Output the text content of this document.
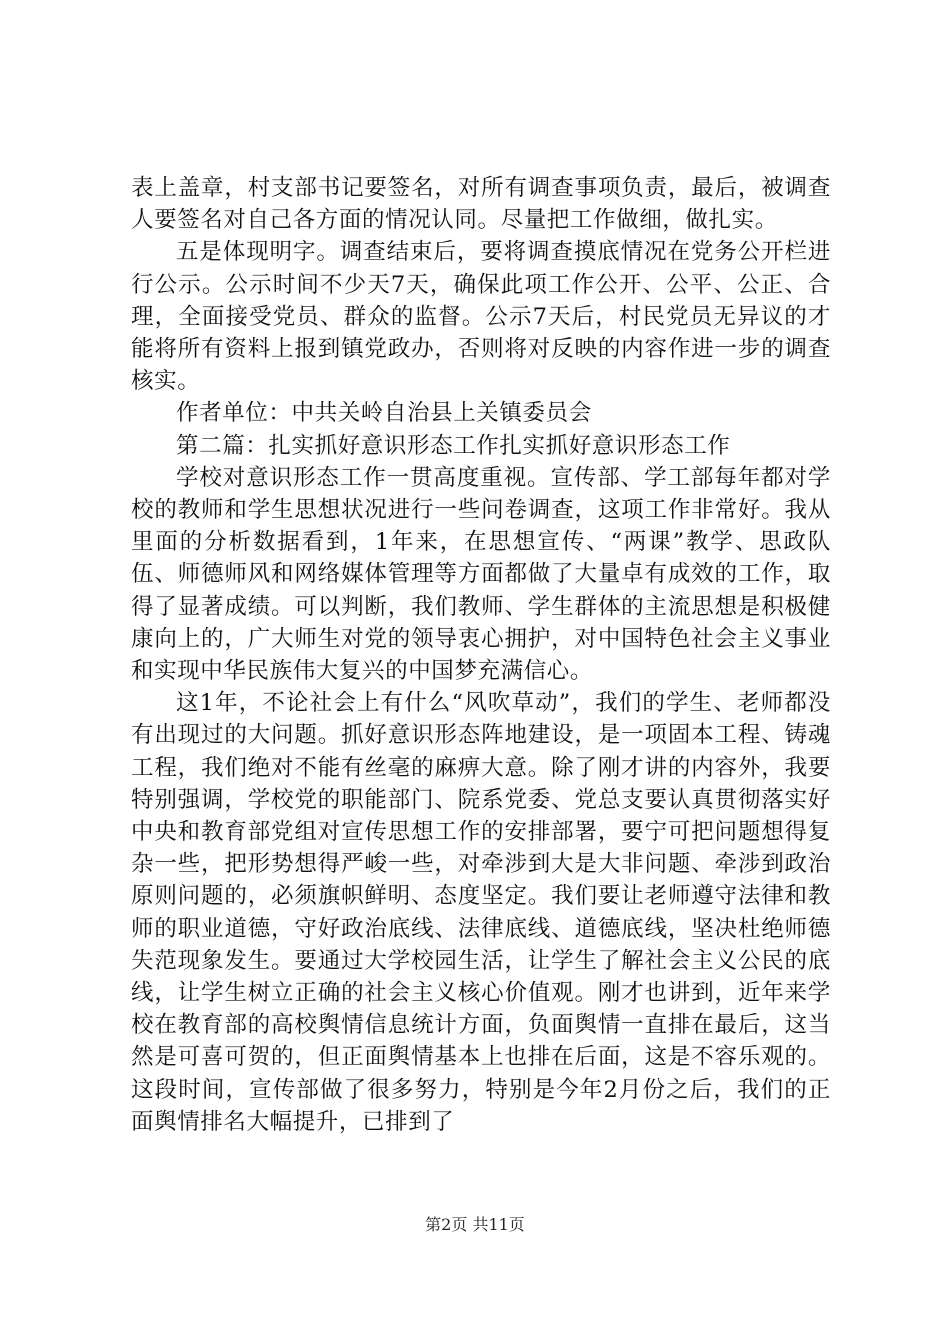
表上盖章，村支部书记要签名，对所有调查事项负责，最后，被调查人要签名对自己各方面的情况认同。尽量把工作做细，做扎实。

五是体现明字。调查结束后，要将调查摸底情况在党务公开栏进行公示。公示时间不少天7天，确保此项工作公开、公平、公正、合理，全面接受党员、群众的监督。公示7天后，村民党员无异议的才能将所有资料上报到镇党政办，否则将对反映的内容作进一步的调查核实。

作者单位：中共关岭自治县上关镇委员会

第二篇：扎实抓好意识形态工作扎实抓好意识形态工作

学校对意识形态工作一贯高度重视。宣传部、学工部每年都对学校的教师和学生思想状况进行一些问卷调查，这项工作非常好。我从里面的分析数据看到，1年来，在思想宣传、“两课”教学、思政队伍、师德师风和网络媒体管理等方面都做了大量卓有成效的工作，取得了显著成绩。可以判断，我们教师、学生群体的主流思想是积极健康向上的，广大师生对党的领导衷心拥护，对中国特色社会主义事业和实现中华民族伟大复兴的中国梦充满信心。

这1年，不论社会上有什么“风吹草动”，我们的学生、老师都没有出现过的大问题。抓好意识形态阵地建设，是一项固本工程、铸魂工程，我们绝对不能有丝毫的麻痹大意。除了刚才讲的内容外，我要特别强调，学校党的职能部门、院系党委、党总支要认真贯彻落实好中央和教育部党组对宣传思想工作的安排部署，要宁可把问题想得复杂一些，把形势想得严峻一些，对牵涉到大是大非问题、牵涉到政治原则问题的，必须旗帜鲜明、态度坚定。我们要让老师遵守法律和教师的职业道德，守好政治底线、法律底线、道德底线，坚决杜绝师德失范现象发生。要通过大学校园生活，让学生了解社会主义公民的底线，让学生树立正确的社会主义核心价值观。刚才也讲到，近年来学校在教育部的高校舆情信息统计方面，负面舆情一直排在最后，这当然是可喜可贺的，但正面舆情基本上也排在后面，这是不容乐观的。这段时间，宣传部做了很多努力，特别是今年2月份之后，我们的正面舆情排名大幅提升，已排到了

第2页 共11页
